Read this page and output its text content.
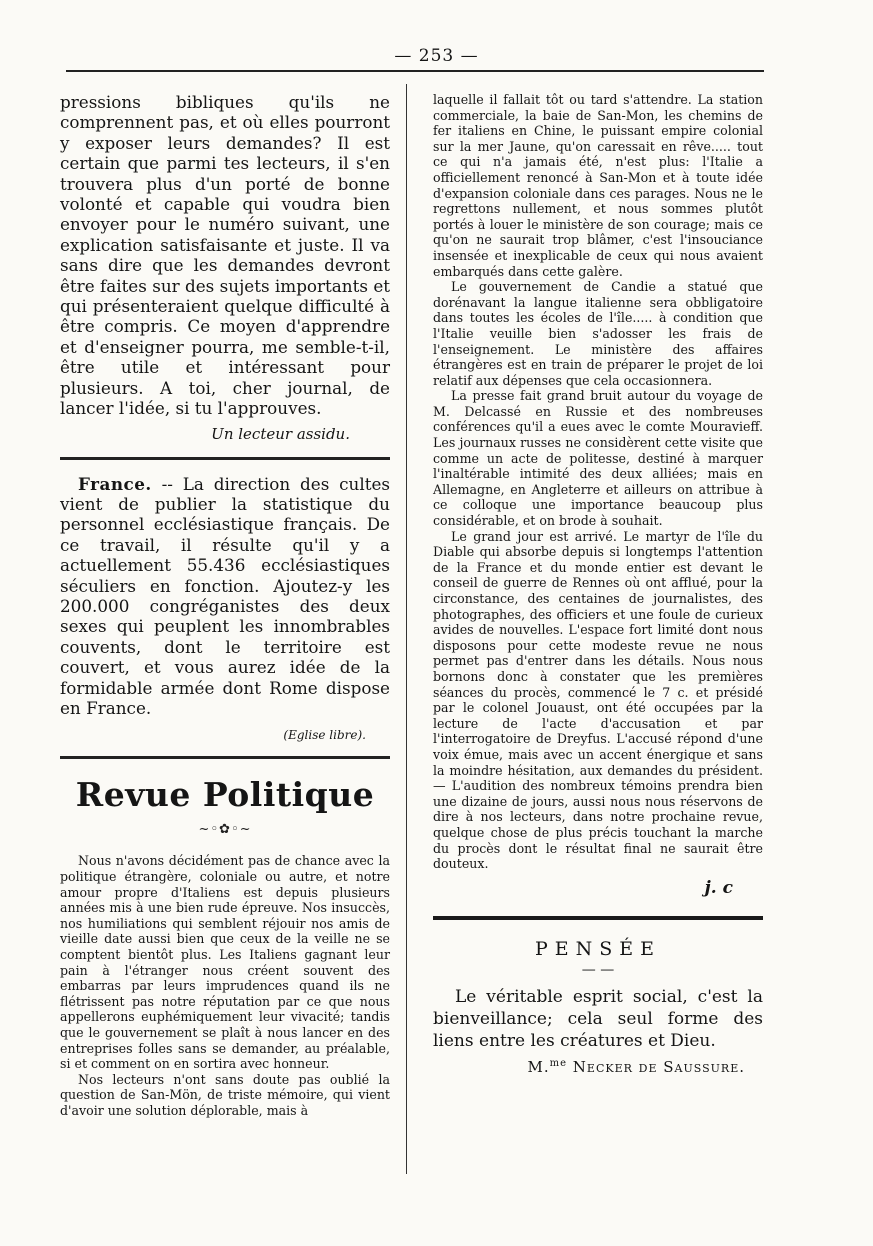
— 253 —

pressions bibliques qu'ils ne comprennent pas, et où elles pourront y exposer leurs demandes? Il est certain que parmi tes lecteurs, il s'en trouvera plus d'un porté de bonne volonté et capable qui voudra bien envoyer pour le numéro suivant, une explication satisfaisante et juste. Il va sans dire que les demandes devront être faites sur des sujets importants et qui présenteraient quelque difficulté à être compris. Ce moyen d'apprendre et d'enseigner pourra, me semble-t-il, être utile et intéressant pour plusieurs. A toi, cher journal, de lancer l'idée, si tu l'approuves.

Un lecteur assidu.

France. -- La direction des cultes vient de publier la statistique du personnel ecclésiastique français. De ce travail, il résulte qu'il y a actuellement 55.436 ecclésiastiques séculiers en fonction. Ajoutez-y les 200.000 congréganistes des deux sexes qui peuplent les innombrables couvents, dont le territoire est couvert, et vous aurez idée de la formidable armée dont Rome dispose en France.

(Eglise libre).
Revue Politique
~◦✿◦~

Nous n'avons décidément pas de chance avec la politique étrangère, coloniale ou autre, et notre amour propre d'Italiens est depuis plusieurs années mis à une bien rude épreuve. Nos insuccès, nos humiliations qui semblent réjouir nos amis de vieille date aussi bien que ceux de la veille ne se comptent bientôt plus. Les Italiens gagnant leur pain à l'étranger nous créent souvent des embarras par leurs imprudences quand ils ne flétrissent pas notre réputation par ce que nous appellerons euphémiquement leur vivacité; tandis que le gouvernement se plaît à nous lancer en des entreprises folles sans se demander, au préalable, si et comment on en sortira avec honneur.

Nos lecteurs n'ont sans doute pas oublié la question de San-Mön, de triste mémoire, qui vient d'avoir une solution déplorable, mais à

laquelle il fallait tôt ou tard s'attendre. La station commerciale, la baie de San-Mon, les chemins de fer italiens en Chine, le puissant empire colonial sur la mer Jaune, qu'on caressait en rêve..... tout ce qui n'a jamais été, n'est plus: l'Italie a officiellement renoncé à San-Mon et à toute idée d'expansion coloniale dans ces parages. Nous ne le regrettons nullement, et nous sommes plutôt portés à louer le ministère de son courage; mais ce qu'on ne saurait trop blâmer, c'est l'insouciance insensée et inexplicable de ceux qui nous avaient embarqués dans cette galère.

Le gouvernement de Candie a statué que dorénavant la langue italienne sera obbligatoire dans toutes les écoles de l'île..... à condition que l'Italie veuille bien s'adosser les frais de l'enseignement. Le ministère des affaires étrangères est en train de préparer le projet de loi relatif aux dépenses que cela occasionnera.

La presse fait grand bruit autour du voyage de M. Delcassé en Russie et des nombreuses conférences qu'il a eues avec le comte Mouravieff. Les journaux russes ne considèrent cette visite que comme un acte de politesse, destiné à marquer l'inaltérable intimité des deux alliées; mais en Allemagne, en Angleterre et ailleurs on attribue à ce colloque une importance beaucoup plus considérable, et on brode à souhait.

Le grand jour est arrivé. Le martyr de l'île du Diable qui absorbe depuis si longtemps l'attention de la France et du monde entier est devant le conseil de guerre de Rennes où ont afflué, pour la circonstance, des centaines de journalistes, des photographes, des officiers et une foule de curieux avides de nouvelles. L'espace fort limité dont nous disposons pour cette modeste revue ne nous permet pas d'entrer dans les détails. Nous nous bornons donc à constater que les premières séances du procès, commencé le 7 c. et présidé par le colonel Jouaust, ont été occupées par la lecture de l'acte d'accusation et par l'interrogatoire de Dreyfus. L'accusé répond d'une voix émue, mais avec un accent énergique et sans la moindre hésitation, aux demandes du président. — L'audition des nombreux témoins prendra bien une dizaine de jours, aussi nous nous réservons de dire à nos lecteurs, dans notre prochaine revue, quelque chose de plus précis touchant la marche du procès dont le résultat final ne saurait être douteux.

j. c
PENSÉE
— —

Le véritable esprit social, c'est la bienveillance; cela seul forme des liens entre les créatures et Dieu.

M.$^{me}$ Necker de Saussure.
